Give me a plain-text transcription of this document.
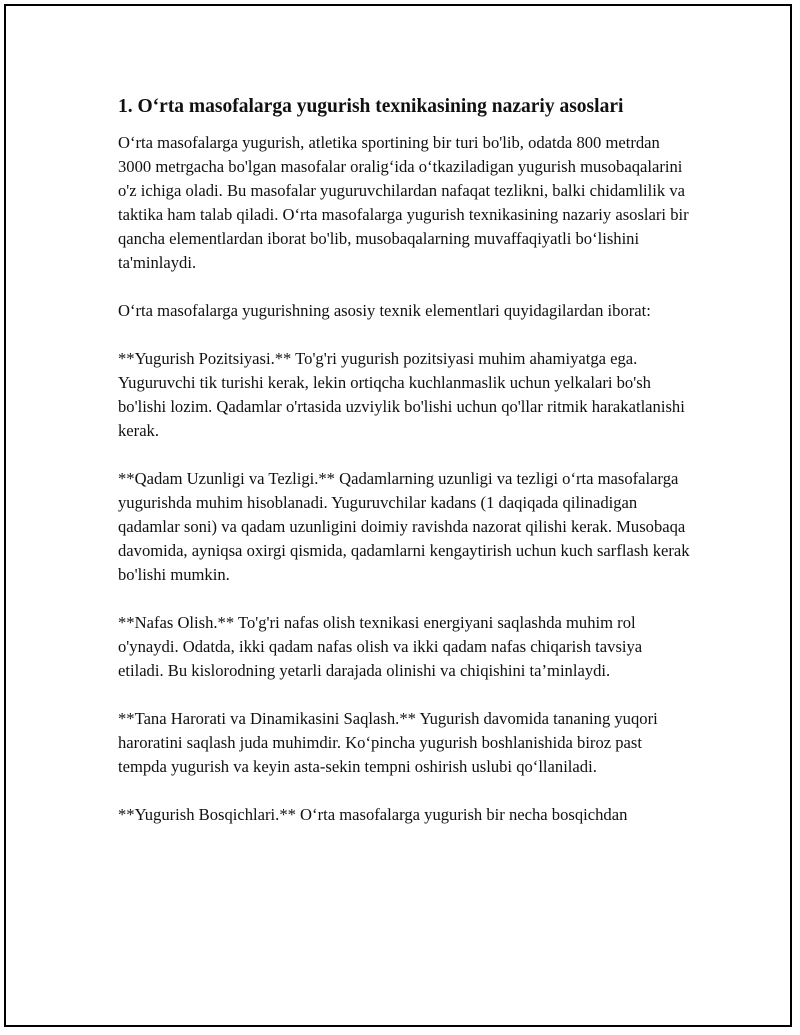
1. Oʻrta masofalarga yugurish texnikasining nazariy asoslari

Oʻrta masofalarga yugurish, atletika sportining bir turi bo'lib, odatda 800 metrdan 3000 metrgacha bo'lgan masofalar oraligʻida oʻtkaziladigan yugurish musobaqalarini o'z ichiga oladi. Bu masofalar yuguruvchilardan nafaqat tezlikni, balki chidamlilik va taktika ham talab qiladi. Oʻrta masofalarga yugurish texnikasining nazariy asoslari bir qancha elementlardan iborat bo'lib, musobaqalarning muvaffaqiyatli boʻlishini ta'minlaydi.

Oʻrta masofalarga yugurishning asosiy texnik elementlari quyidagilardan iborat:

**Yugurish Pozitsiyasi.** To'g'ri yugurish pozitsiyasi muhim ahamiyatga ega. Yuguruvchi tik turishi kerak, lekin ortiqcha kuchlanmaslik uchun yelkalari bo'sh bo'lishi lozim. Qadamlar o'rtasida uzviylik bo'lishi uchun qo'llar ritmik harakatlanishi kerak.

**Qadam Uzunligi va Tezligi.** Qadamlarning uzunligi va tezligi oʻrta masofalarga yugurishda muhim hisoblanadi. Yuguruvchilar kadans (1 daqiqada qilinadigan qadamlar soni) va qadam uzunligini doimiy ravishda nazorat qilishi kerak. Musobaqa davomida, ayniqsa oxirgi qismida, qadamlarni kengaytirish uchun kuch sarflash kerak bo'lishi mumkin.

**Nafas Olish.** To'g'ri nafas olish texnikasi energiyani saqlashda muhim rol o'ynaydi. Odatda, ikki qadam nafas olish va ikki qadam nafas chiqarish tavsiya etiladi. Bu kislorodning yetarli darajada olinishi va chiqishini ta’minlaydi.

**Tana Harorati va Dinamikasini Saqlash.** Yugurish davomida tananing yuqori haroratini saqlash juda muhimdir. Koʻpincha yugurish boshlanishida biroz past tempda yugurish va keyin asta-sekin tempni oshirish uslubi qoʻllaniladi.

**Yugurish Bosqichlari.** Oʻrta masofalarga yugurish bir necha bosqichdan
